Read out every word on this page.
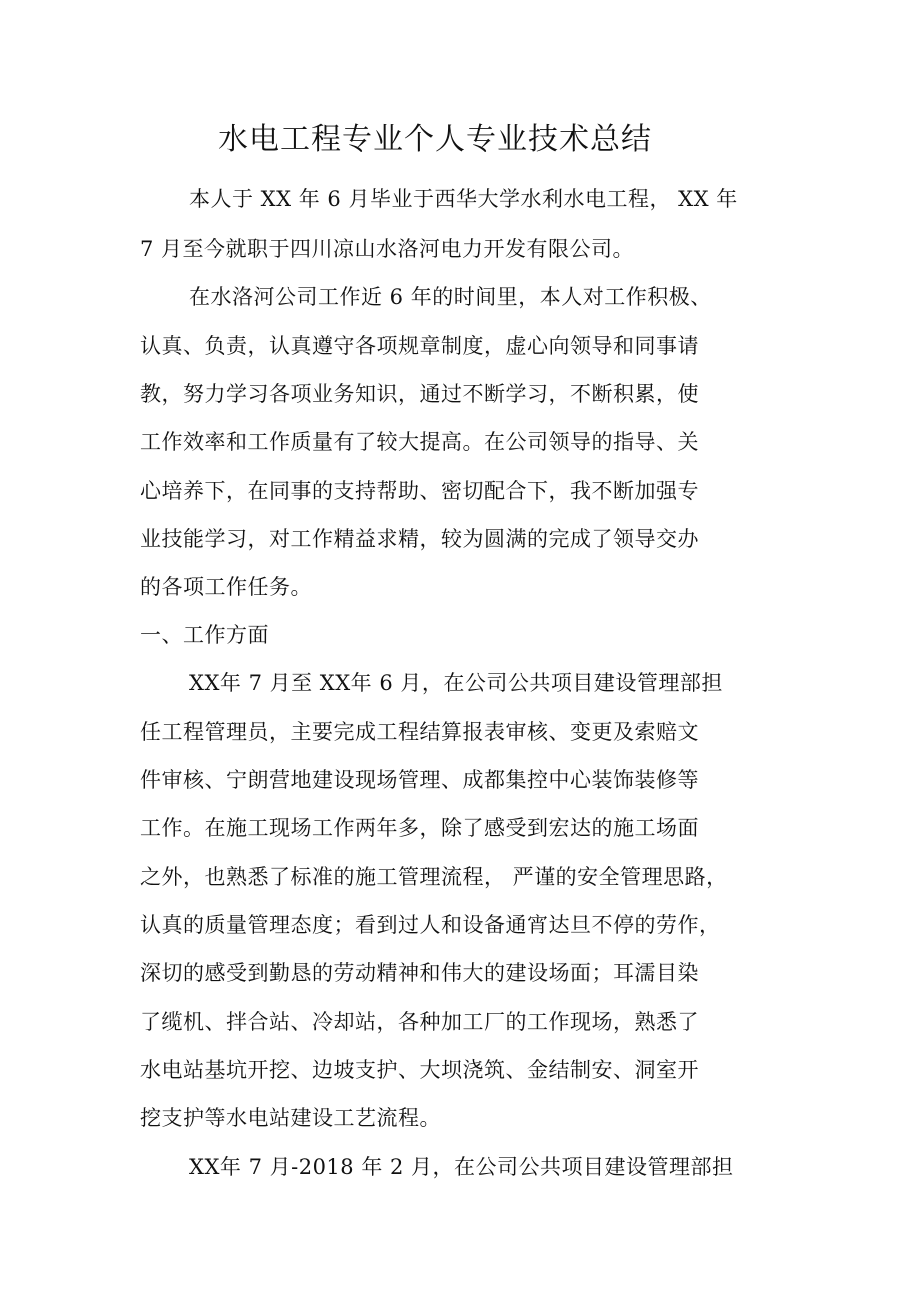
水电工程专业个人专业技术总结
本人于 XX 年 6 月毕业于西华大学水利水电工程， XX 年
7 月至今就职于四川凉山水洛河电力开发有限公司。
在水洛河公司工作近 6 年的时间里，本人对工作积极、
认真、负责，认真遵守各项规章制度，虚心向领导和同事请
教，努力学习各项业务知识，通过不断学习，不断积累，使
工作效率和工作质量有了较大提高。在公司领导的指导、关
心培养下，在同事的支持帮助、密切配合下，我不断加强专
业技能学习，对工作精益求精，较为圆满的完成了领导交办
的各项工作任务。
一、工作方面
XX年 7 月至 XX年 6 月，在公司公共项目建设管理部担
任工程管理员，主要完成工程结算报表审核、变更及索赔文
件审核、宁朗营地建设现场管理、成都集控中心装饰装修等
工作。在施工现场工作两年多，除了感受到宏达的施工场面
之外，也熟悉了标准的施工管理流程， 严谨的安全管理思路，
认真的质量管理态度；看到过人和设备通宵达旦不停的劳作，
深切的感受到勤恳的劳动精神和伟大的建设场面；耳濡目染
了缆机、拌合站、冷却站，各种加工厂的工作现场，熟悉了
水电站基坑开挖、边坡支护、大坝浇筑、金结制安、洞室开
挖支护等水电站建设工艺流程。
XX年 7 月-2018 年 2 月，在公司公共项目建设管理部担
